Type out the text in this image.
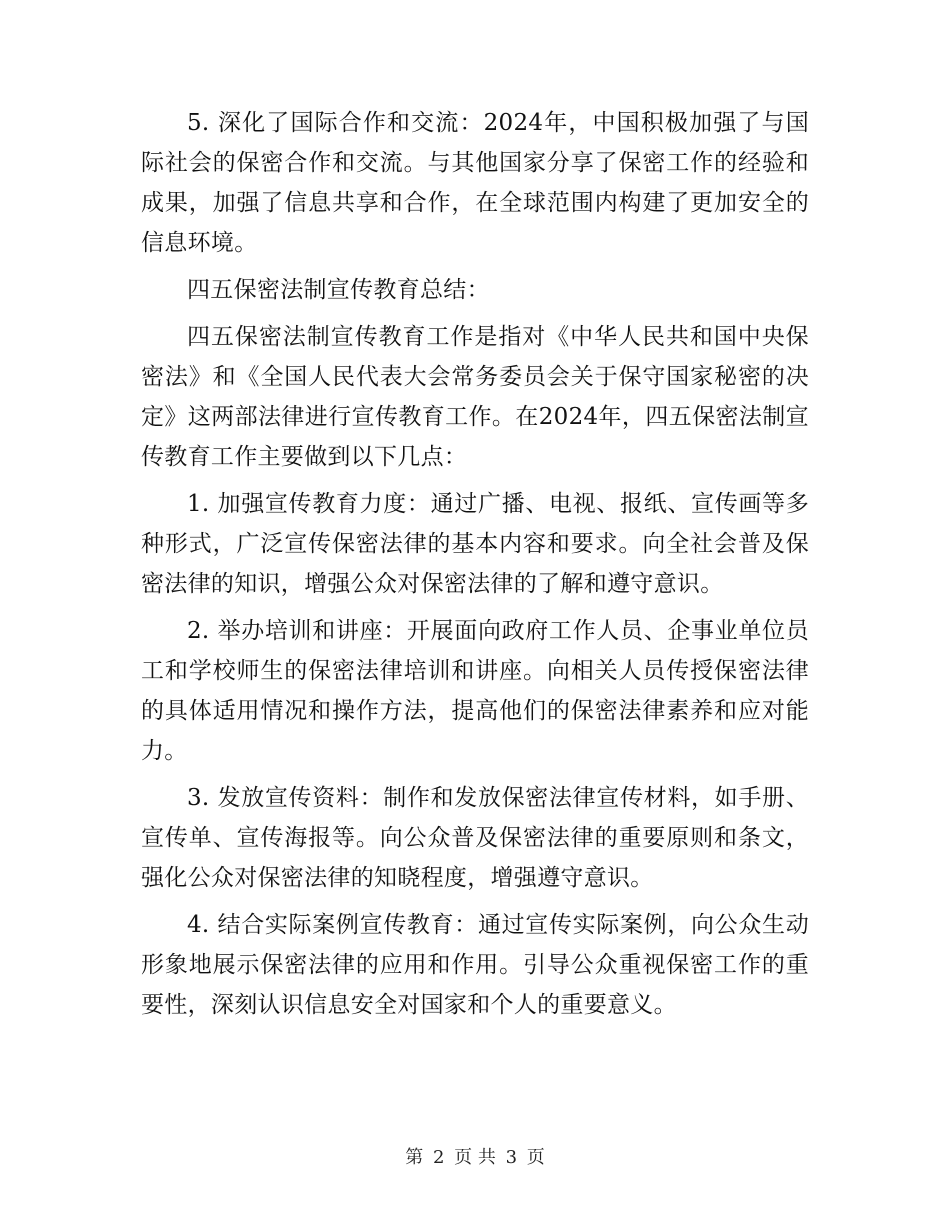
5. 深化了国际合作和交流：2024年，中国积极加强了与国际社会的保密合作和交流。与其他国家分享了保密工作的经验和成果，加强了信息共享和合作，在全球范围内构建了更加安全的信息环境。

四五保密法制宣传教育总结：

四五保密法制宣传教育工作是指对《中华人民共和国中央保密法》和《全国人民代表大会常务委员会关于保守国家秘密的决定》这两部法律进行宣传教育工作。在2024年，四五保密法制宣传教育工作主要做到以下几点：

1. 加强宣传教育力度：通过广播、电视、报纸、宣传画等多种形式，广泛宣传保密法律的基本内容和要求。向全社会普及保密法律的知识，增强公众对保密法律的了解和遵守意识。

2. 举办培训和讲座：开展面向政府工作人员、企事业单位员工和学校师生的保密法律培训和讲座。向相关人员传授保密法律的具体适用情况和操作方法，提高他们的保密法律素养和应对能力。

3. 发放宣传资料：制作和发放保密法律宣传材料，如手册、宣传单、宣传海报等。向公众普及保密法律的重要原则和条文，强化公众对保密法律的知晓程度，增强遵守意识。

4. 结合实际案例宣传教育：通过宣传实际案例，向公众生动形象地展示保密法律的应用和作用。引导公众重视保密工作的重要性，深刻认识信息安全对国家和个人的重要意义。

第 2 页 共 3 页
